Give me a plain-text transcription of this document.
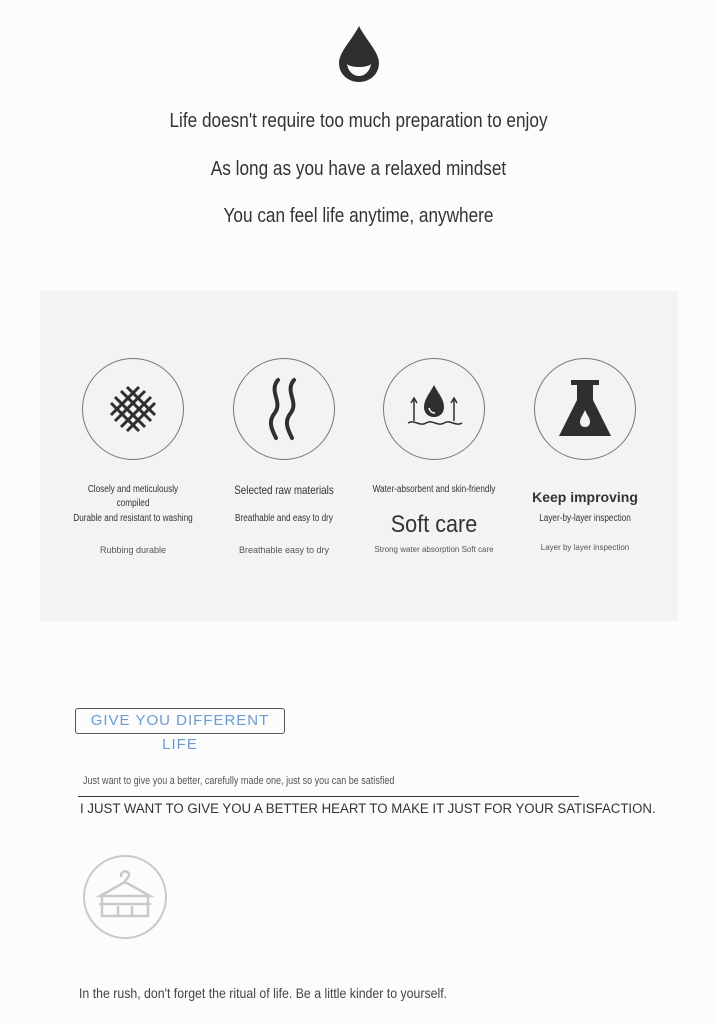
Life doesn't require too much preparation to enjoy
As long as you have a relaxed mindset
You can feel life anytime, anywhere
Closely and meticulously compiled
Durable and resistant to washing
Rubbing durable
Selected raw materials
Breathable and easy to dry
Breathable easy to dry
Water-absorbent and skin-friendly
Soft care
Strong water absorption Soft care
Keep improving
Layer-by-layer inspection
Layer by layer inspection
GIVE YOU DIFFERENT LIFE
Just want to give you a better, carefully made one, just so you can be satisfied
I JUST WANT TO GIVE YOU A BETTER HEART TO MAKE IT JUST FOR YOUR SATISFACTION.
In the rush, don't forget the ritual of life. Be a little kinder to yourself.
